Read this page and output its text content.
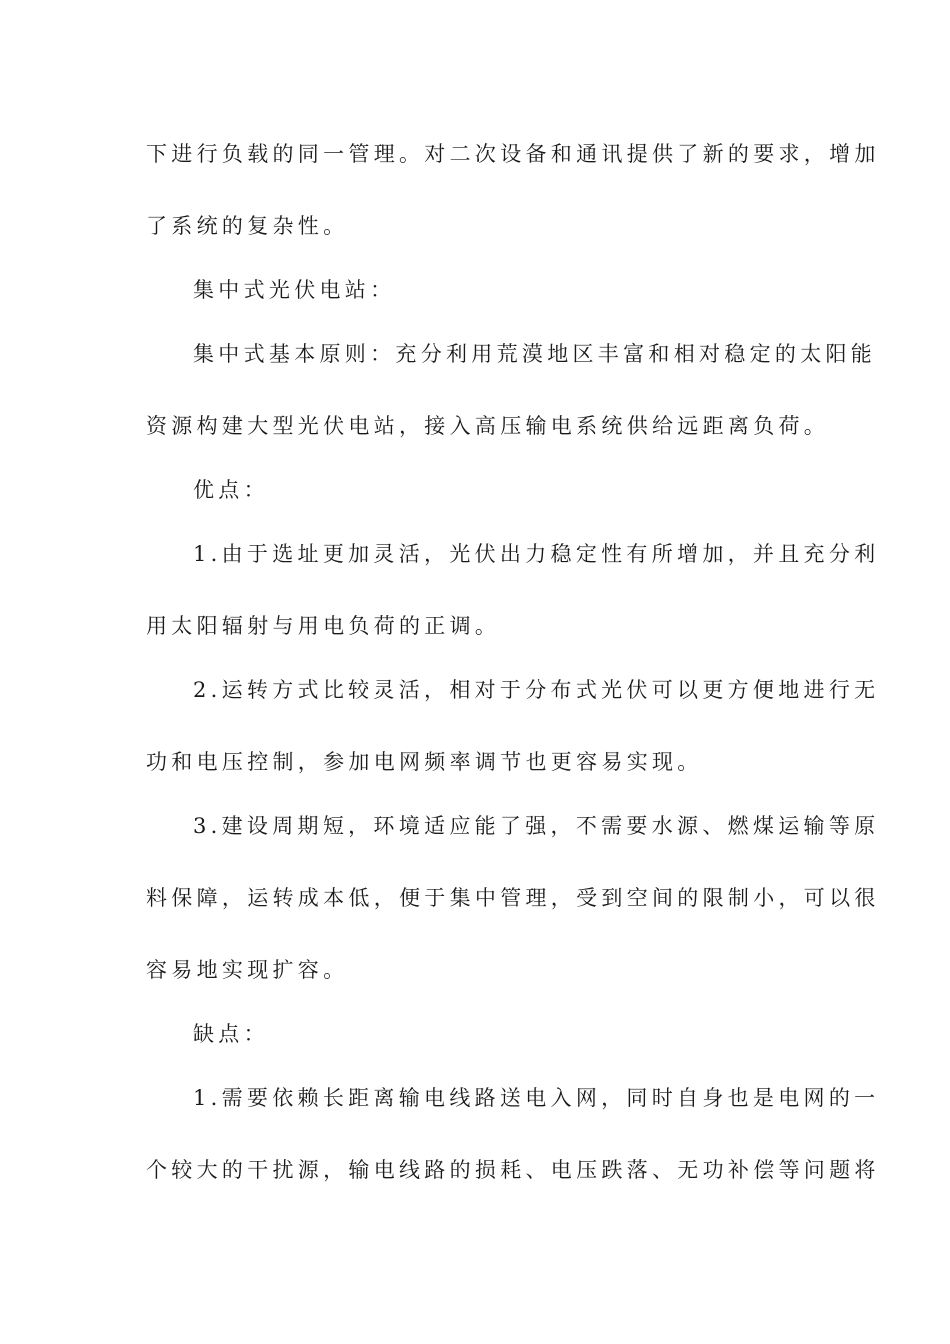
下进行负载的同一管理。对二次设备和通讯提供了新的要求，增加
了系统的复杂性。
集中式光伏电站：
集中式基本原则：充分利用荒漠地区丰富和相对稳定的太阳能
资源构建大型光伏电站，接入高压输电系统供给远距离负荷。
优点：
1.由于选址更加灵活，光伏出力稳定性有所增加，并且充分利
用太阳辐射与用电负荷的正调。
2.运转方式比较灵活，相对于分布式光伏可以更方便地进行无
功和电压控制，参加电网频率调节也更容易实现。
3.建设周期短，环境适应能了强，不需要水源、燃煤运输等原
料保障，运转成本低，便于集中管理，受到空间的限制小，可以很
容易地实现扩容。
缺点：
1.需要依赖长距离输电线路送电入网，同时自身也是电网的一
个较大的干扰源，输电线路的损耗、电压跌落、无功补偿等问题将
